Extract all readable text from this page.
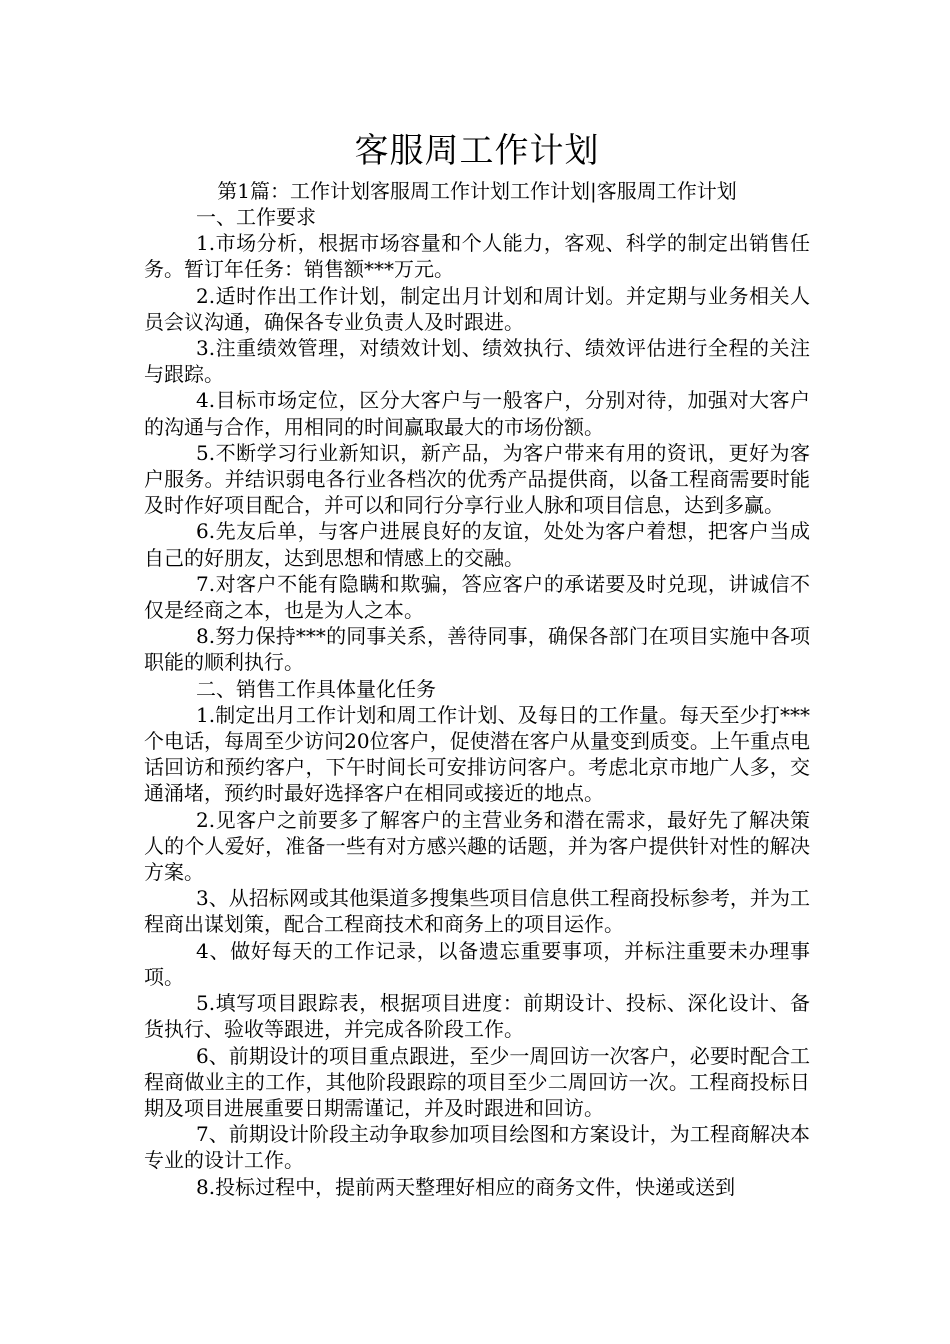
客服周工作计划

第1篇：工作计划客服周工作计划工作计划|客服周工作计划

一、工作要求

1.市场分析，根据市场容量和个人能力，客观、科学的制定出销售任务。暂订年任务：销售额***万元。

2.适时作出工作计划，制定出月计划和周计划。并定期与业务相关人员会议沟通，确保各专业负责人及时跟进。

3.注重绩效管理，对绩效计划、绩效执行、绩效评估进行全程的关注与跟踪。

4.目标市场定位，区分大客户与一般客户，分别对待，加强对大客户的沟通与合作，用相同的时间赢取最大的市场份额。

5.不断学习行业新知识，新产品，为客户带来有用的资讯，更好为客户服务。并结识弱电各行业各档次的优秀产品提供商，以备工程商需要时能及时作好项目配合，并可以和同行分享行业人脉和项目信息，达到多赢。

6.先友后单，与客户进展良好的友谊，处处为客户着想，把客户当成自己的好朋友，达到思想和情感上的交融。

7.对客户不能有隐瞒和欺骗，答应客户的承诺要及时兑现，讲诚信不仅是经商之本，也是为人之本。

8.努力保持***的同事关系，善待同事，确保各部门在项目实施中各项职能的顺利执行。

二、销售工作具体量化任务

1.制定出月工作计划和周工作计划、及每日的工作量。每天至少打***个电话，每周至少访问20位客户，促使潜在客户从量变到质变。上午重点电话回访和预约客户，下午时间长可安排访问客户。考虑北京市地广人多，交通涌堵，预约时最好选择客户在相同或接近的地点。

2.见客户之前要多了解客户的主营业务和潜在需求，最好先了解决策人的个人爱好，准备一些有对方感兴趣的话题，并为客户提供针对性的解决方案。

3、从招标网或其他渠道多搜集些项目信息供工程商投标参考，并为工程商出谋划策，配合工程商技术和商务上的项目运作。

4、做好每天的工作记录，以备遗忘重要事项，并标注重要未办理事项。

5.填写项目跟踪表，根据项目进度：前期设计、投标、深化设计、备货执行、验收等跟进，并完成各阶段工作。

6、前期设计的项目重点跟进，至少一周回访一次客户，必要时配合工程商做业主的工作，其他阶段跟踪的项目至少二周回访一次。工程商投标日期及项目进展重要日期需谨记，并及时跟进和回访。

7、前期设计阶段主动争取参加项目绘图和方案设计，为工程商解决本专业的设计工作。

8.投标过程中，提前两天整理好相应的商务文件，快递或送到
